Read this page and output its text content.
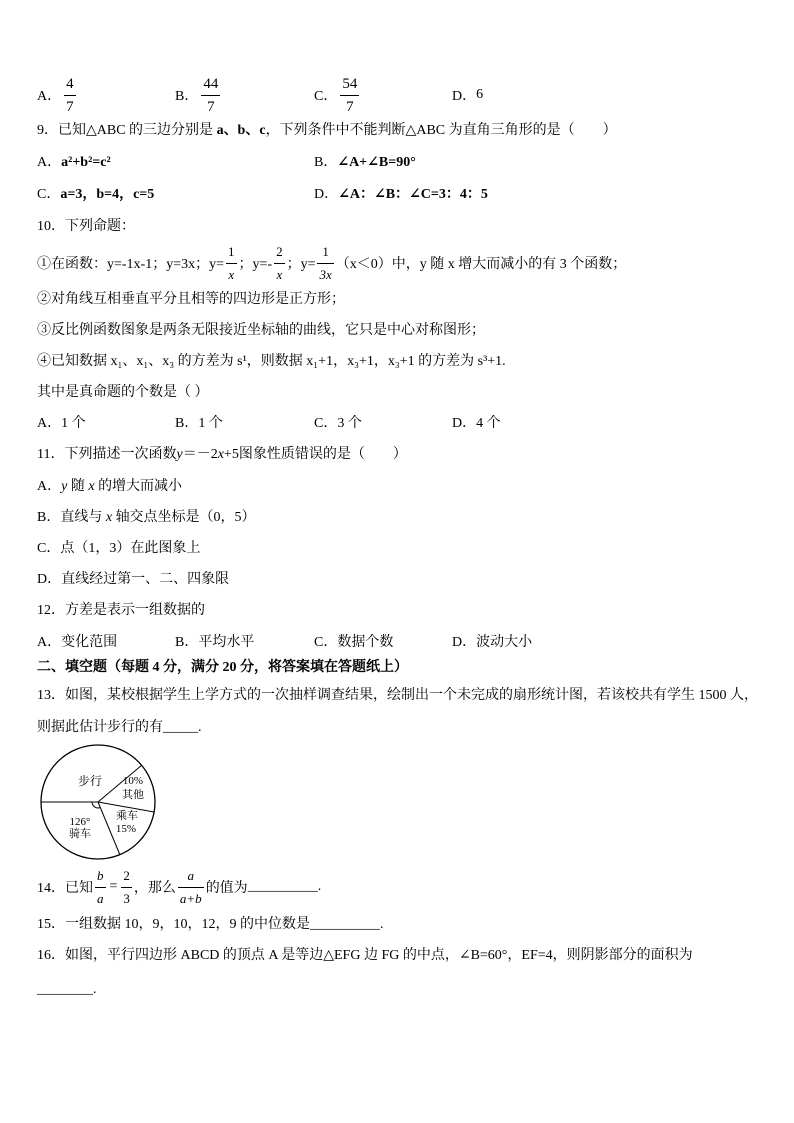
A． $\frac{4}{7}$	B． $\frac{44}{7}$	C． $\frac{54}{7}$	D． 6
9．已知△ABC 的三边分别是 a、b、c，下列条件中不能判断△ABC 为直角三角形的是（　　）
A．a²+b²=c²	B．∠A+∠B=90°
C．a=3，b=4，c=5	D．∠A：∠B：∠C=3：4：5
10．下列命题：
①在函数：y=-1x-1；y=3x；$y= \frac{1}{x}$ ；$y=- \frac{2}{x}$ ；$y= \frac{1}{3x} (x<0)$中，y 随 x 增大而减小的有 3 个函数；
②对角线互相垂直平分且相等的四边形是正方形；
③反比例函数图象是两条无限接近坐标轴的曲线，它只是中心对称图形；
④已知数据 x₁、x₁、x₃ 的方差为 s¹，则数据 x₁+1，x₃+1，x₃+1 的方差为 s³+1.
其中是真命题的个数是（ ）
A．1 个	B．1 个	C．3 个	D．4 个
11．下列描述一次函数y＝－2x+5图象性质错误的是（　　）
A．y 随 x 的增大而减小
B．直线与 x 轴交点坐标是（0，5）
C．点（1，3）在此图象上
D．直线经过第一、二、四象限
12．方差是表示一组数据的
A．变化范围	B．平均水平	C．数据个数	D．波动大小
二、填空题（每题 4 分，满分 20 分，将答案填在答题纸上）
13．如图，某校根据学生上学方式的一次抽样调查结果，绘制出一个未完成的扇形统计图，若该校共有学生 1500 人，
则据此估计步行的有_____.
步行 10%
其他
126°
骑车
乘车
15%
14．已知 $\frac{b}{a} = \frac{2}{3}$ ，那么 $\frac{a}{a+b}$ 的值为 __________ .
15．一组数据 10，9，10，12，9 的中位数是__________.
16．如图，平行四边形 ABCD 的顶点 A 是等边△EFG 边 FG 的中点，∠B=60°，EF=4，则阴影部分的面积为
________.
